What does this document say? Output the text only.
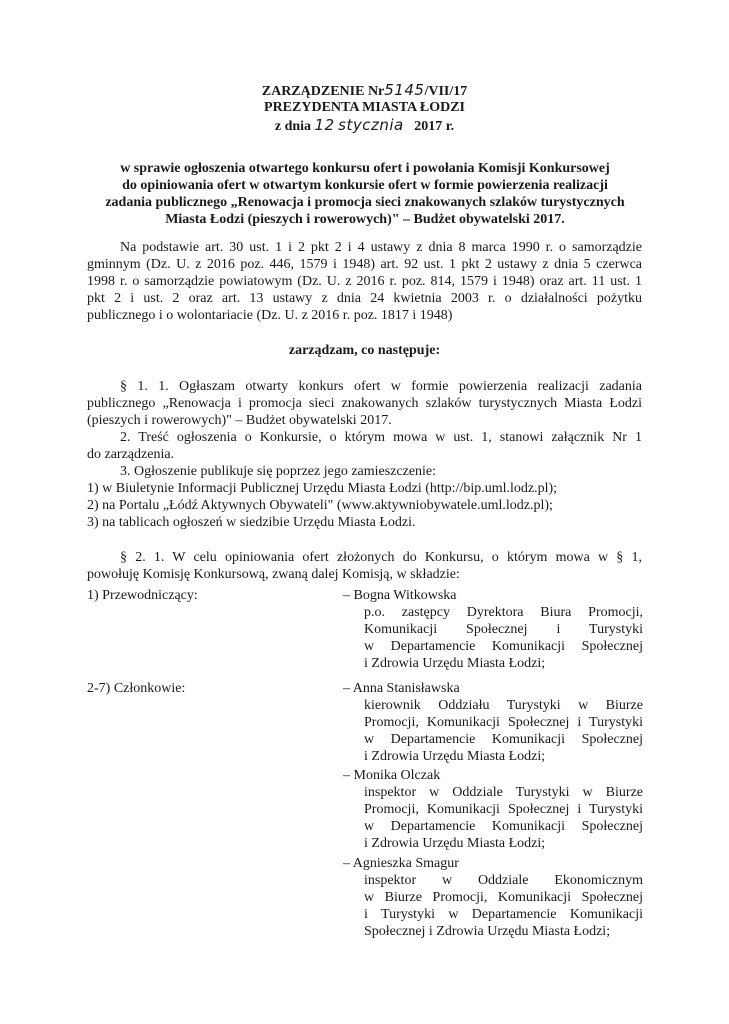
ZARZĄDZENIE Nr5145/VII/17
PREZYDENTA MIASTA ŁODZI
z dnia 12 stycznia 2017 r.
w sprawie ogłoszenia otwartego konkursu ofert i powołania Komisji Konkursowej
do opiniowania ofert w otwartym konkursie ofert w formie powierzenia realizacji
zadania publicznego „Renowacja i promocja sieci znakowanych szlaków turystycznych
Miasta Łodzi (pieszych i rowerowych)" – Budżet obywatelski 2017.
Na podstawie art. 30 ust. 1 i 2 pkt 2 i 4 ustawy z dnia 8 marca 1990 r. o samorządzie
gminnym (Dz. U. z 2016 poz. 446, 1579 i 1948) art. 92 ust. 1 pkt 2 ustawy z dnia 5 czerwca
1998 r. o samorządzie powiatowym (Dz. U. z 2016 r. poz. 814, 1579 i 1948) oraz art. 11 ust. 1
pkt 2 i ust. 2 oraz art. 13 ustawy z dnia 24 kwietnia 2003 r. o działalności pożytku
publicznego i o wolontariacie (Dz. U. z 2016 r. poz. 1817 i 1948)
zarządzam, co następuje:
§ 1. 1. Ogłaszam otwarty konkurs ofert w formie powierzenia realizacji zadania
publicznego „Renowacja i promocja sieci znakowanych szlaków turystycznych Miasta Łodzi
(pieszych i rowerowych)" – Budżet obywatelski 2017.
2. Treść ogłoszenia o Konkursie, o którym mowa w ust. 1, stanowi załącznik Nr 1
do zarządzenia.
3. Ogłoszenie publikuje się poprzez jego zamieszczenie:
1) w Biuletynie Informacji Publicznej Urzędu Miasta Łodzi (http://bip.uml.lodz.pl);
2) na Portalu „Łódź Aktywnych Obywateli" (www.aktywniobywatele.uml.lodz.pl);
3) na tablicach ogłoszeń w siedzibie Urzędu Miasta Łodzi.
§ 2. 1. W celu opiniowania ofert złożonych do Konkursu, o którym mowa w § 1,
powołuję Komisję Konkursową, zwaną dalej Komisją, w składzie:
1) Przewodniczący:	– Bogna Witkowska
p.o. zastępcy Dyrektora Biura Promocji,
Komunikacji Społecznej i Turystyki
w Departamencie Komunikacji Społecznej
i Zdrowia Urzędu Miasta Łodzi;
2-7) Członkowie:	– Anna Stanisławska
kierownik Oddziału Turystyki w Biurze
Promocji, Komunikacji Społecznej i Turystyki
w Departamencie Komunikacji Społecznej
i Zdrowia Urzędu Miasta Łodzi;
– Monika Olczak
inspektor w Oddziale Turystyki w Biurze
Promocji, Komunikacji Społecznej i Turystyki
w Departamencie Komunikacji Społecznej
i Zdrowia Urzędu Miasta Łodzi;
– Agnieszka Smagur
inspektor w Oddziale Ekonomicznym
w Biurze Promocji, Komunikacji Społecznej
i Turystyki w Departamencie Komunikacji
Społecznej i Zdrowia Urzędu Miasta Łodzi;
